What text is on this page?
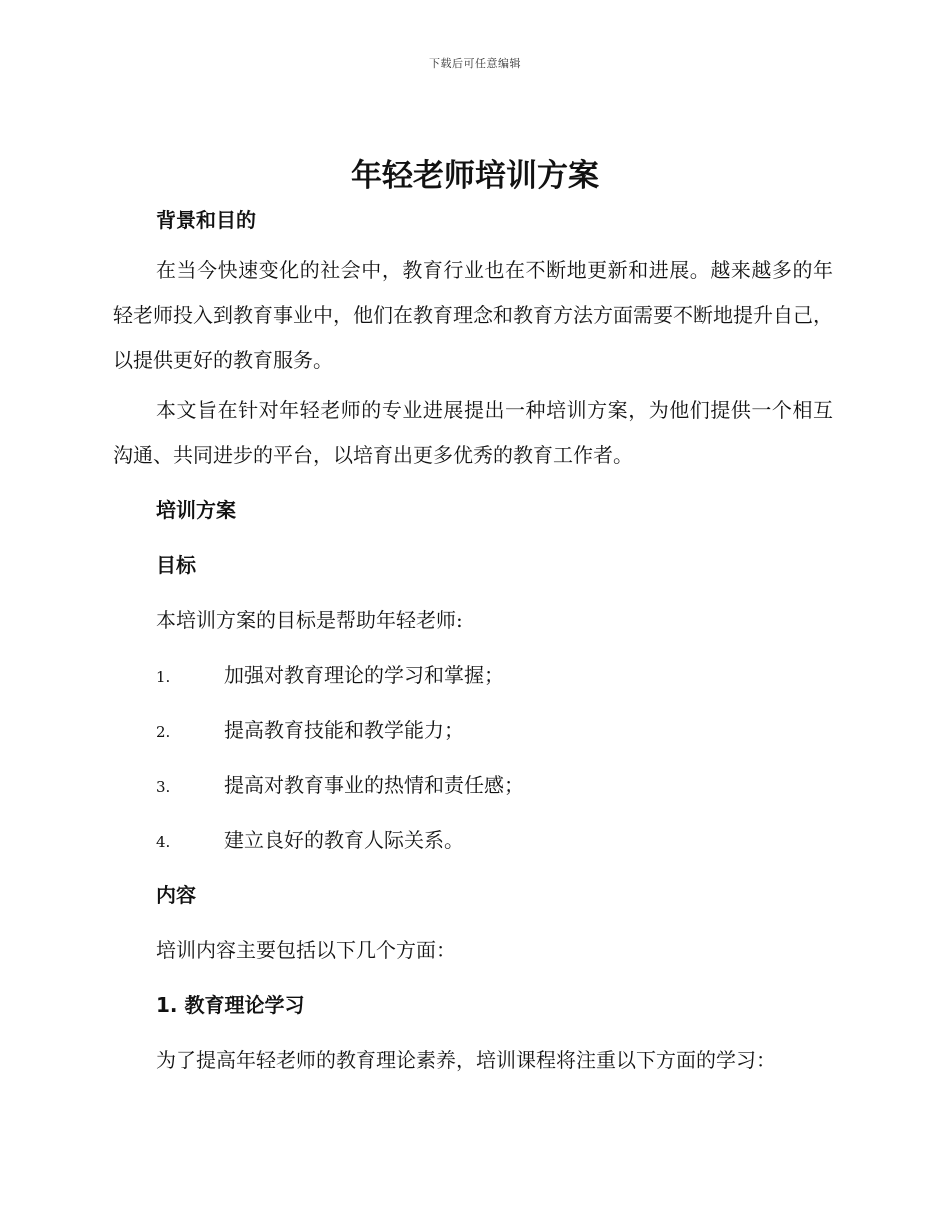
下载后可任意编辑
年轻老师培训方案
背景和目的

在当今快速变化的社会中，教育行业也在不断地更新和进展。越来越多的年轻老师投入到教育事业中，他们在教育理念和教育方法方面需要不断地提升自己，以提供更好的教育服务。

本文旨在针对年轻老师的专业进展提出一种培训方案，为他们提供一个相互沟通、共同进步的平台，以培育出更多优秀的教育工作者。

培训方案
目标

本培训方案的目标是帮助年轻老师:

1.	加强对教育理论的学习和掌握；
2.	提高教育技能和教学能力；
3.	提高对教育事业的热情和责任感；
4.	建立良好的教育人际关系。
内容

培训内容主要包括以下几个方面：

1. 教育理论学习

为了提高年轻老师的教育理论素养，培训课程将注重以下方面的学习：
